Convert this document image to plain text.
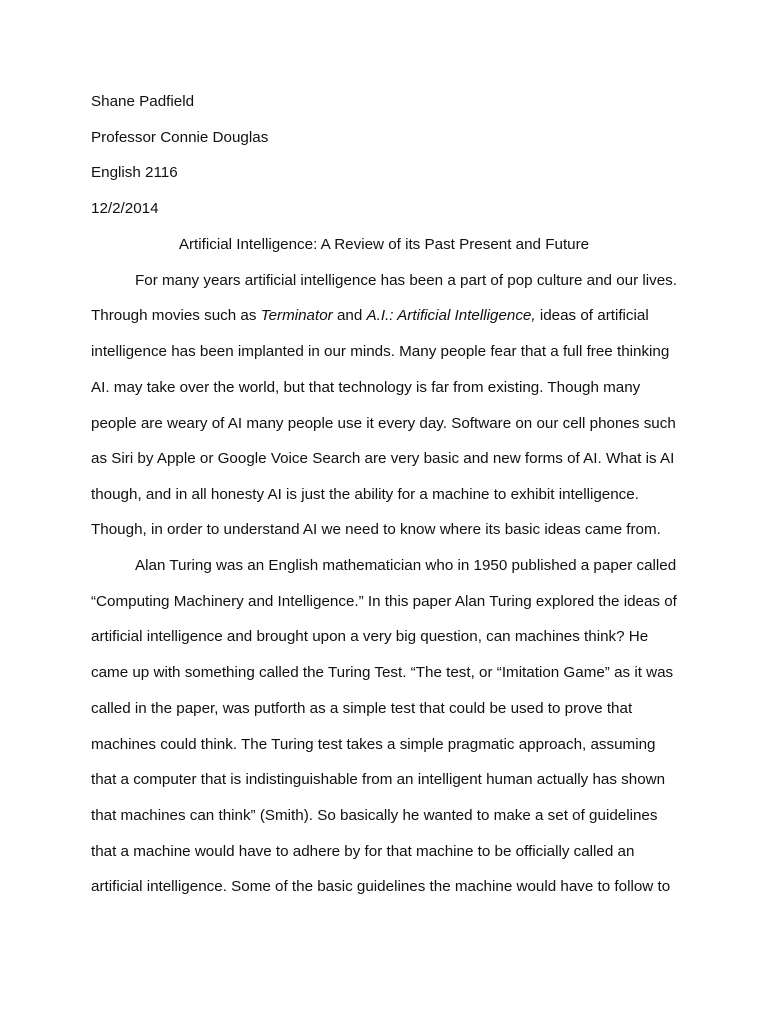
Shane Padfield
Professor Connie Douglas
English 2116
12/2/2014
Artificial Intelligence: A Review of its Past Present and Future
For many years artificial intelligence has been a part of pop culture and our lives.
Through movies such as Terminator and A.I.: Artificial Intelligence, ideas of artificial
intelligence has been implanted in our minds. Many people fear that a full free thinking
AI. may take over the world, but that technology is far from existing. Though many
people are weary of AI many people use it every day. Software on our cell phones such
as Siri by Apple or Google Voice Search are very basic and new forms of AI. What is AI
though, and in all honesty AI is just the ability for a machine to exhibit intelligence.
Though, in order to understand AI we need to know where its basic ideas came from.
Alan Turing was an English mathematician who in 1950 published a paper called
“Computing Machinery and Intelligence.” In this paper Alan Turing explored the ideas of
artificial intelligence and brought upon a very big question, can machines think? He
came up with something called the Turing Test. “The test, or “Imitation Game” as it was
called in the paper, was putforth as a simple test that could be used to prove that
machines could think. The Turing test takes a simple pragmatic approach, assuming
that a computer that is indistinguishable from an intelligent human actually has shown
that machines can think” (Smith). So basically he wanted to make a set of guidelines
that a machine would have to adhere by for that machine to be officially called an
artificial intelligence. Some of the basic guidelines the machine would have to follow to
